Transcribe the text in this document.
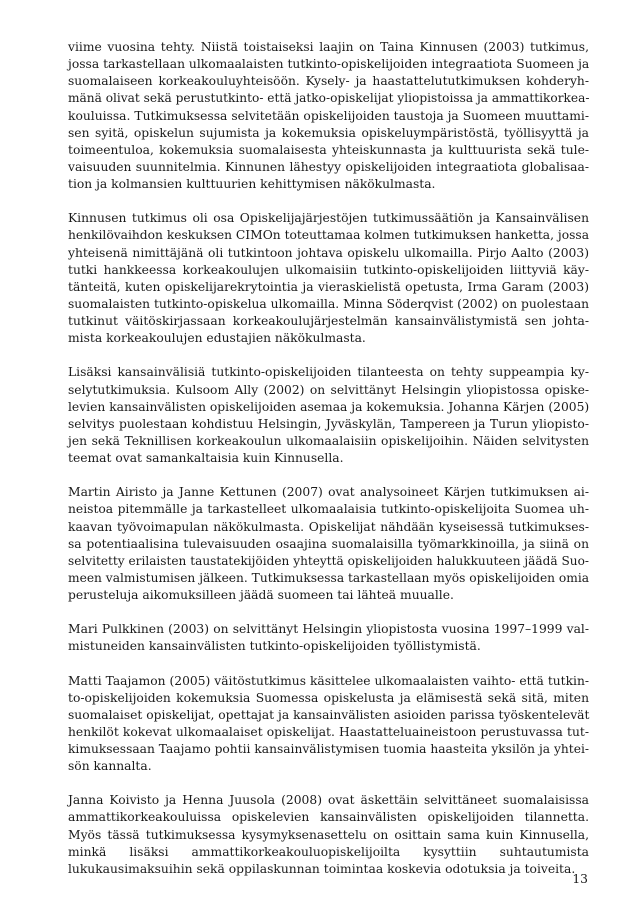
viime vuosina tehty. Niistä toistaiseksi laajin on Taina Kinnusen (2003) tutkimus,
jossa tarkastellaan ulkomaalaisten tutkinto-opiskelijoiden integraatiota Suomeen ja
suomalaiseen korkeakouluyhteisöön. Kysely- ja haastattelututkimuksen kohderyh-
mänä olivat sekä perustutkinto- että jatko-opiskelijat yliopistoissa ja ammattikorkea-
kouluissa. Tutkimuksessa selvitetään opiskelijoiden taustoja ja Suomeen muuttami-
sen syitä, opiskelun sujumista ja kokemuksia opiskeluympäristöstä, työllisyyttä ja
toimeentuloa, kokemuksia suomalaisesta yhteiskunnasta ja kulttuurista sekä tule-
vaisuuden suunnitelmia. Kinnunen lähestyy opiskelijoiden integraatiota globalisaa-
tion ja kolmansien kulttuurien kehittymisen näkökulmasta.
Kinnusen tutkimus oli osa Opiskelijajärjestöjen tutkimussäätiön ja Kansainvälisen
henkilövaihdon keskuksen CIMOn toteuttamaa kolmen tutkimuksen hanketta, jossa
yhteisenä nimittäjänä oli tutkintoon johtava opiskelu ulkomailla. Pirjo Aalto (2003)
tutki hankkeessa korkeakoulujen ulkomaisiin tutkinto-opiskelijoiden liittyviä käy-
tänteitä, kuten opiskelijarekrytointia ja vieraskielistä opetusta, Irma Garam (2003)
suomalaisten tutkinto-opiskelua ulkomailla. Minna Söderqvist (2002) on puolestaan
tutkinut väitöskirjassaan korkeakoulujärjestelmän kansainvälistymistä sen johta-
mista korkeakoulujen edustajien näkökulmasta.
Lisäksi kansainvälisiä tutkinto-opiskelijoiden tilanteesta on tehty suppeampia ky-
selytutkimuksia. Kulsoom Ally (2002) on selvittänyt Helsingin yliopistossa opiske-
levien kansainvälisten opiskelijoiden asemaa ja kokemuksia. Johanna Kärjen (2005)
selvitys puolestaan kohdistuu Helsingin, Jyväskylän, Tampereen ja Turun yliopisto-
jen sekä Teknillisen korkeakoulun ulkomaalaisiin opiskelijoihin. Näiden selvitysten
teemat ovat samankaltaisia kuin Kinnusella.
Martin Airisto ja Janne Kettunen (2007) ovat analysoineet Kärjen tutkimuksen ai-
neistoa pitemmälle ja tarkastelleet ulkomaalaisia tutkinto-opiskelijoita Suomea uh-
kaavan työvoimapulan näkökulmasta. Opiskelijat nähdään kyseisessä tutkimukses-
sa potentiaalisina tulevaisuuden osaajina suomalaisilla työmarkkinoilla, ja siinä on
selvitetty erilaisten taustatekijöiden yhteyttä opiskelijoiden halukkuuteen jäädä Suo-
meen valmistumisen jälkeen. Tutkimuksessa tarkastellaan myös opiskelijoiden omia
perusteluja aikomuksilleen jäädä suomeen tai lähteä muualle.
Mari Pulkkinen (2003) on selvittänyt Helsingin yliopistosta vuosina 1997–1999 val-
mistuneiden kansainvälisten tutkinto-opiskelijoiden työllistymistä.
Matti Taajamon (2005) väitöstutkimus käsittelee ulkomaalaisten vaihto- että tutkin-
to-opiskelijoiden kokemuksia Suomessa opiskelusta ja elämisestä sekä sitä, miten
suomalaiset opiskelijat, opettajat ja kansainvälisten asioiden parissa työskentelevät
henkilöt kokevat ulkomaalaiset opiskelijat. Haastatteluaineistoon perustuvassa tut-
kimuksessaan Taajamo pohtii kansainvälistymisen tuomia haasteita yksilön ja yhtei-
sön kannalta.
Janna Koivisto ja Henna Juusola (2008) ovat äskettäin selvittäneet suomalaisissa
ammattikorkeakouluissa opiskelevien kansainvälisten opiskelijoiden tilannetta.
Myös tässä tutkimuksessa kysymyksenasettelu on osittain sama kuin Kinnusella,
minkä lisäksi ammattikorkeakouluopiskelijoilta kysyttiin suhtautumista
lukukausimaksuihin sekä oppilaskunnan toimintaa koskevia odotuksia ja toiveita.
13
